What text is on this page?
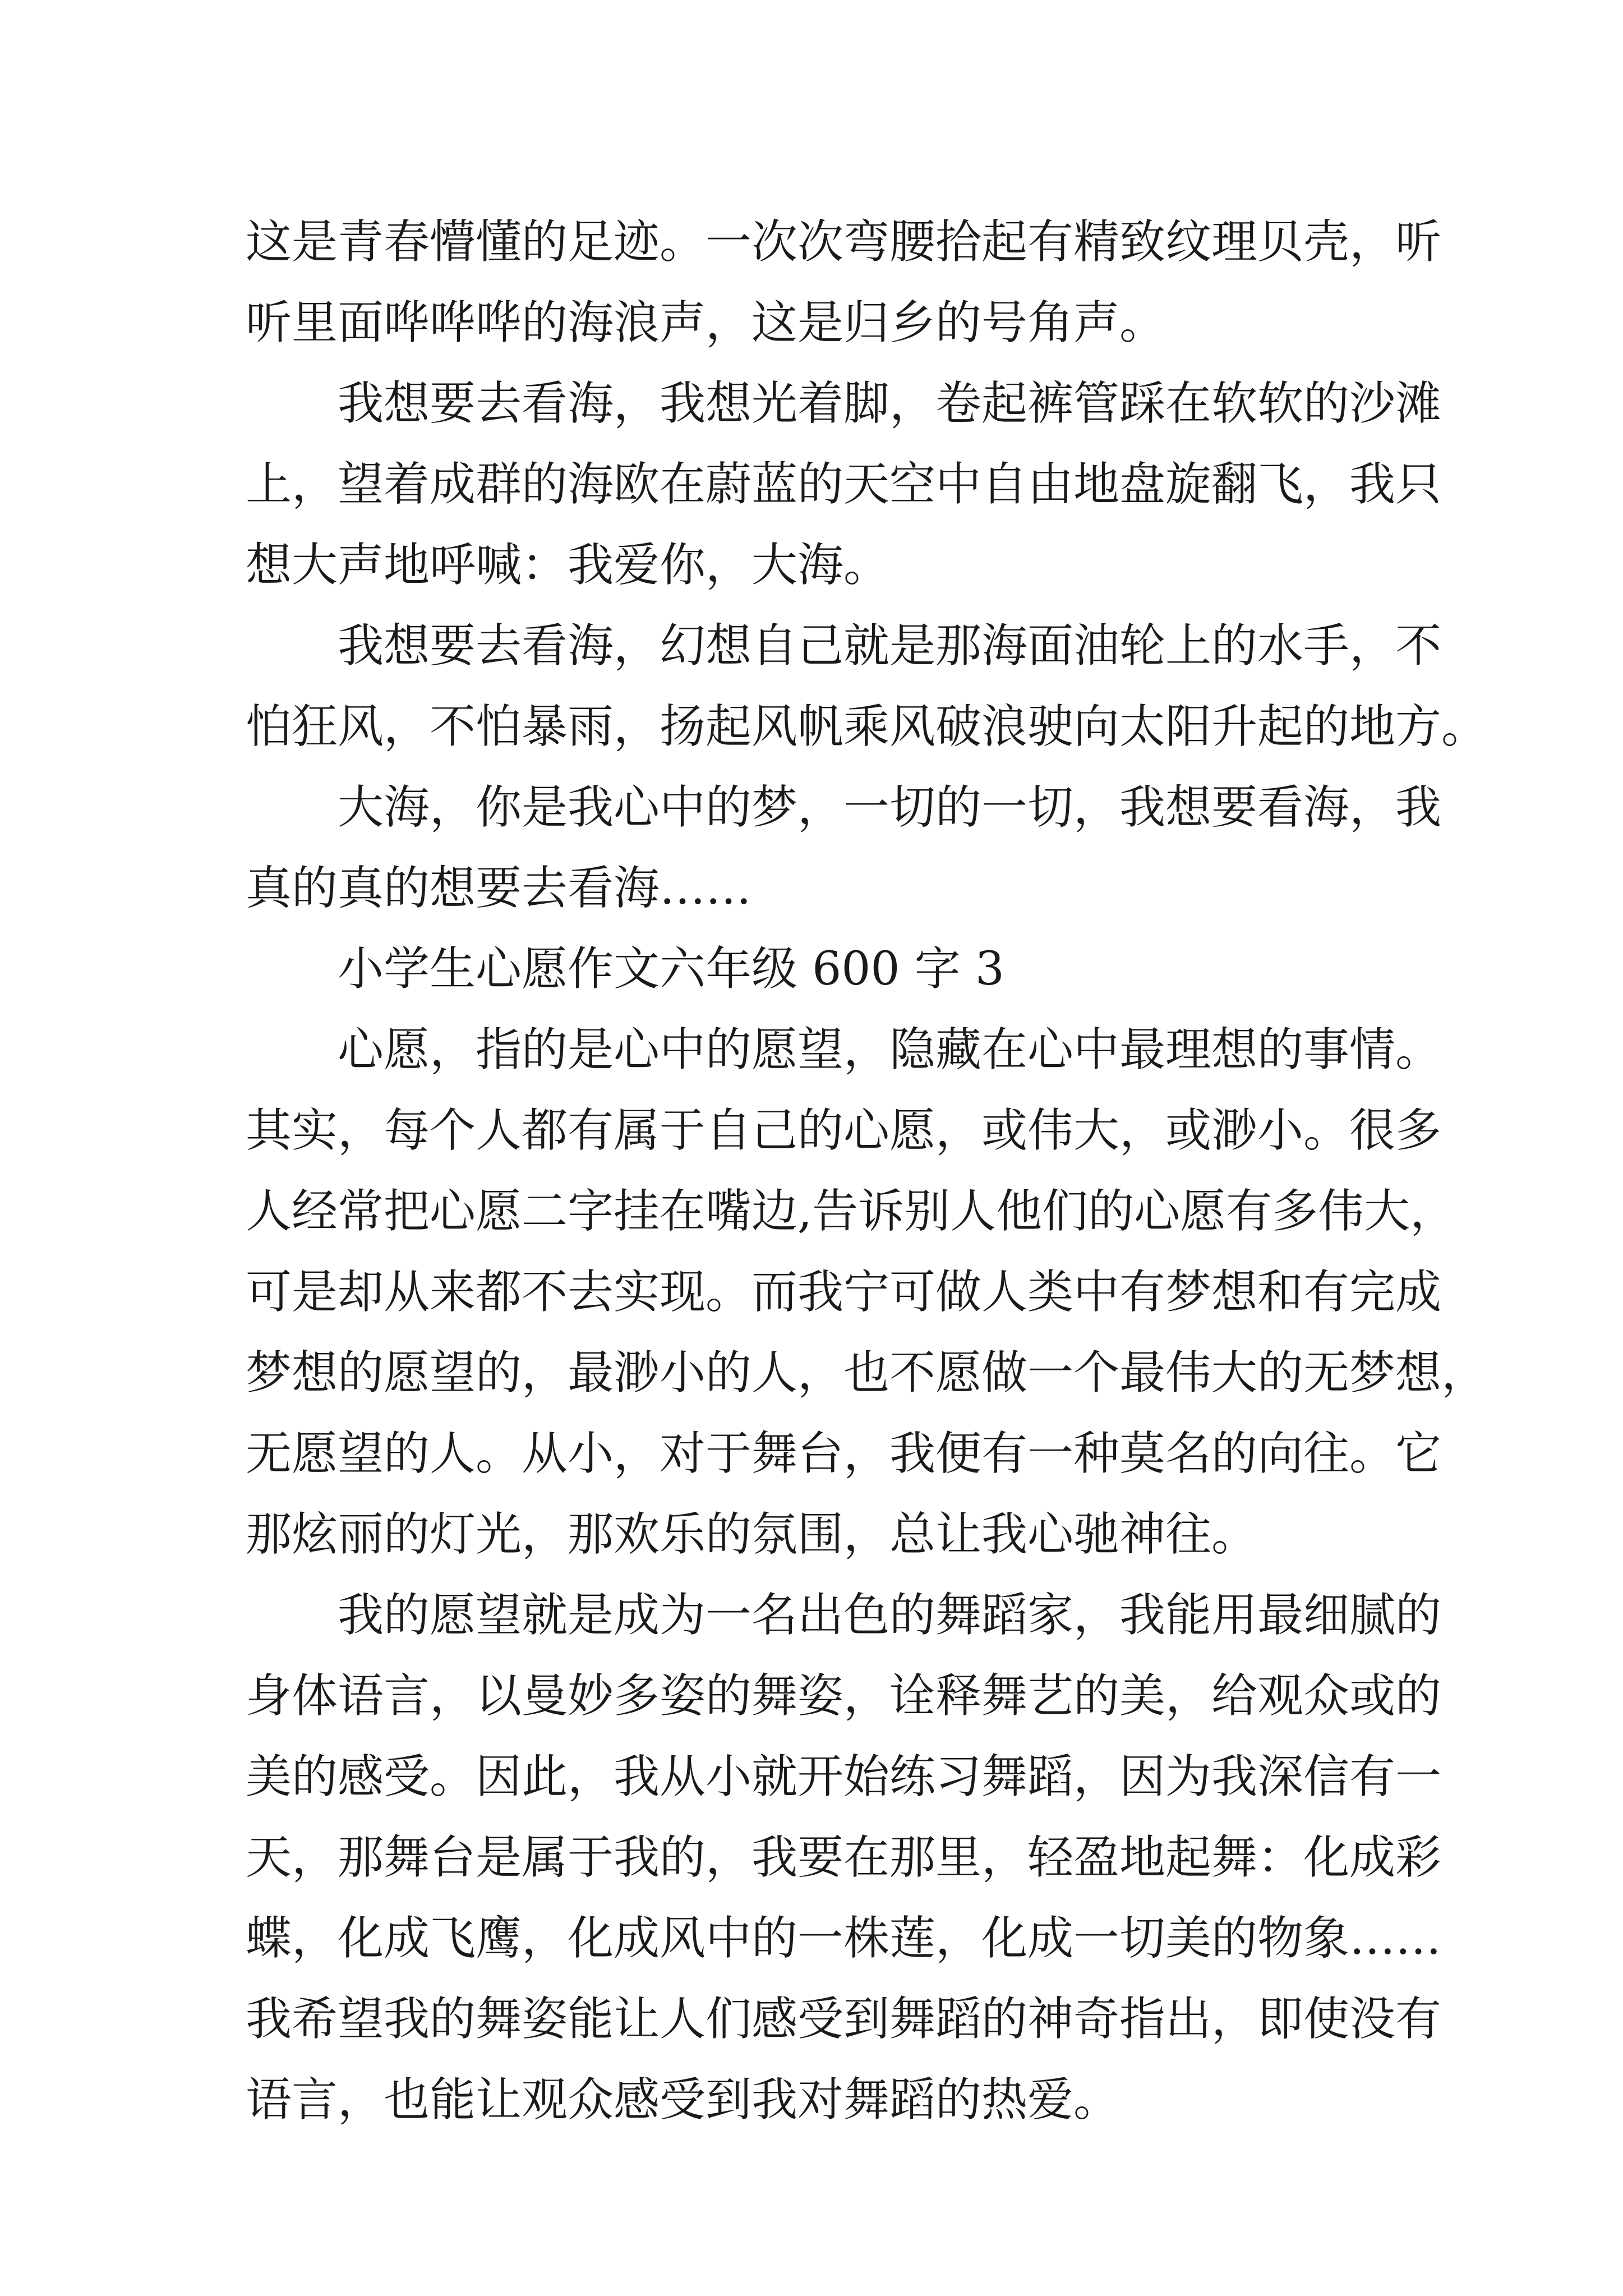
这是青春懵懂的足迹。一次次弯腰拾起有精致纹理贝壳，听
听里面哗哗哗的海浪声，这是归乡的号角声。
我想要去看海，我想光着脚，卷起裤管踩在软软的沙滩
上，望着成群的海欧在蔚蓝的天空中自由地盘旋翻飞，我只
想大声地呼喊：我爱你，大海。
我想要去看海，幻想自己就是那海面油轮上的水手，不
怕狂风，不怕暴雨，扬起风帆乘风破浪驶向太阳升起的地方。
大海，你是我心中的梦，一切的一切，我想要看海，我
真的真的想要去看海……
小学生心愿作文六年级 600 字 3
心愿，指的是心中的愿望，隐藏在心中最理想的事情。
其实，每个人都有属于自己的心愿，或伟大，或渺小。很多
人经常把心愿二字挂在嘴边,告诉别人他们的心愿有多伟大，
可是却从来都不去实现。而我宁可做人类中有梦想和有完成
梦想的愿望的，最渺小的人，也不愿做一个最伟大的无梦想，
无愿望的人。从小，对于舞台，我便有一种莫名的向往。它
那炫丽的灯光，那欢乐的氛围，总让我心驰神往。
我的愿望就是成为一名出色的舞蹈家，我能用最细腻的
身体语言，以曼妙多姿的舞姿，诠释舞艺的美，给观众或的
美的感受。因此，我从小就开始练习舞蹈，因为我深信有一
天，那舞台是属于我的，我要在那里，轻盈地起舞：化成彩
蝶，化成飞鹰，化成风中的一株莲，化成一切美的物象……
我希望我的舞姿能让人们感受到舞蹈的神奇指出，即使没有
语言，也能让观众感受到我对舞蹈的热爱。
